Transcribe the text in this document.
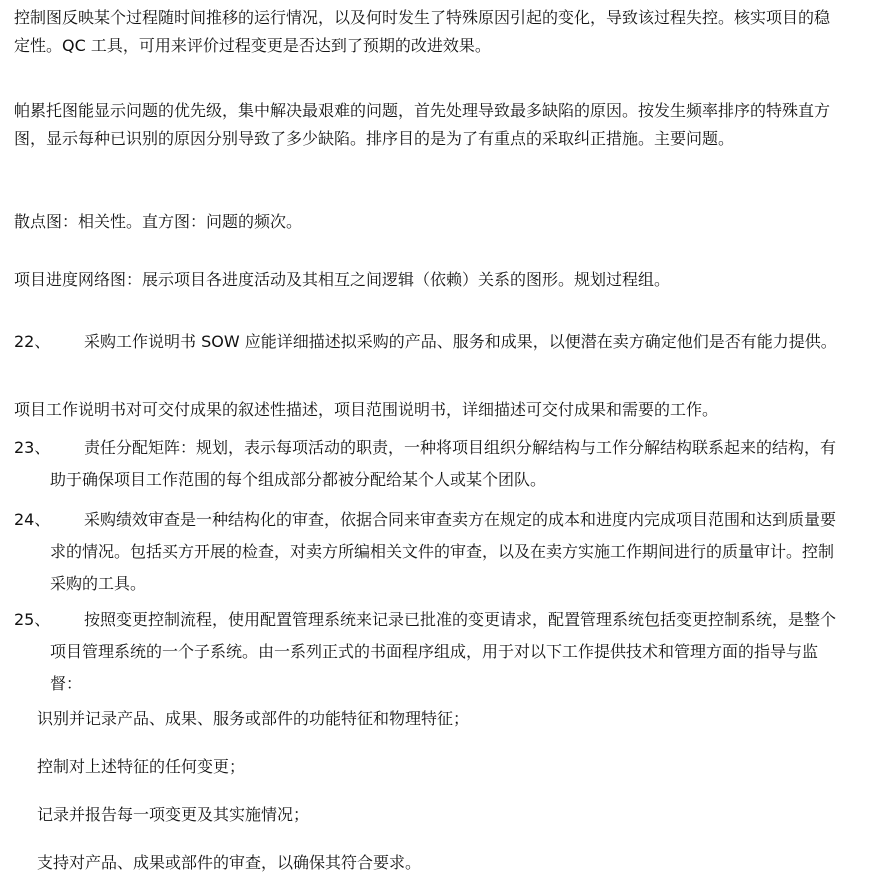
控制图反映某个过程随时间推移的运行情况，以及何时发生了特殊原因引起的变化，导致该过程失控。核实项目的稳定性。QC 工具，可用来评价过程变更是否达到了预期的改进效果。
帕累托图能显示问题的优先级，集中解决最艰难的问题，首先处理导致最多缺陷的原因。按发生频率排序的特殊直方图，显示每种已识别的原因分别导致了多少缺陷。排序目的是为了有重点的采取纠正措施。主要问题。
散点图：相关性。直方图：问题的频次。
项目进度网络图：展示项目各进度活动及其相互之间逻辑（依赖）关系的图形。规划过程组。
22、	采购工作说明书 SOW 应能详细描述拟采购的产品、服务和成果，以便潜在卖方确定他们是否有能力提供。
项目工作说明书对可交付成果的叙述性描述，项目范围说明书，详细描述可交付成果和需要的工作。
23、	责任分配矩阵：规划，表示每项活动的职责，一种将项目组织分解结构与工作分解结构联系起来的结构，有助于确保项目工作范围的每个组成部分都被分配给某个人或某个团队。
24、	采购绩效审查是一种结构化的审查，依据合同来审查卖方在规定的成本和进度内完成项目范围和达到质量要求的情况。包括买方开展的检查，对卖方所编相关文件的审查，以及在卖方实施工作期间进行的质量审计。控制采购的工具。
25、	按照变更控制流程，使用配置管理系统来记录已批准的变更请求，配置管理系统包括变更控制系统，是整个项目管理系统的一个子系统。由一系列正式的书面程序组成，用于对以下工作提供技术和管理方面的指导与监督：
识别并记录产品、成果、服务或部件的功能特征和物理特征；
控制对上述特征的任何变更；
记录并报告每一项变更及其实施情况；
支持对产品、成果或部件的审查，以确保其符合要求。
